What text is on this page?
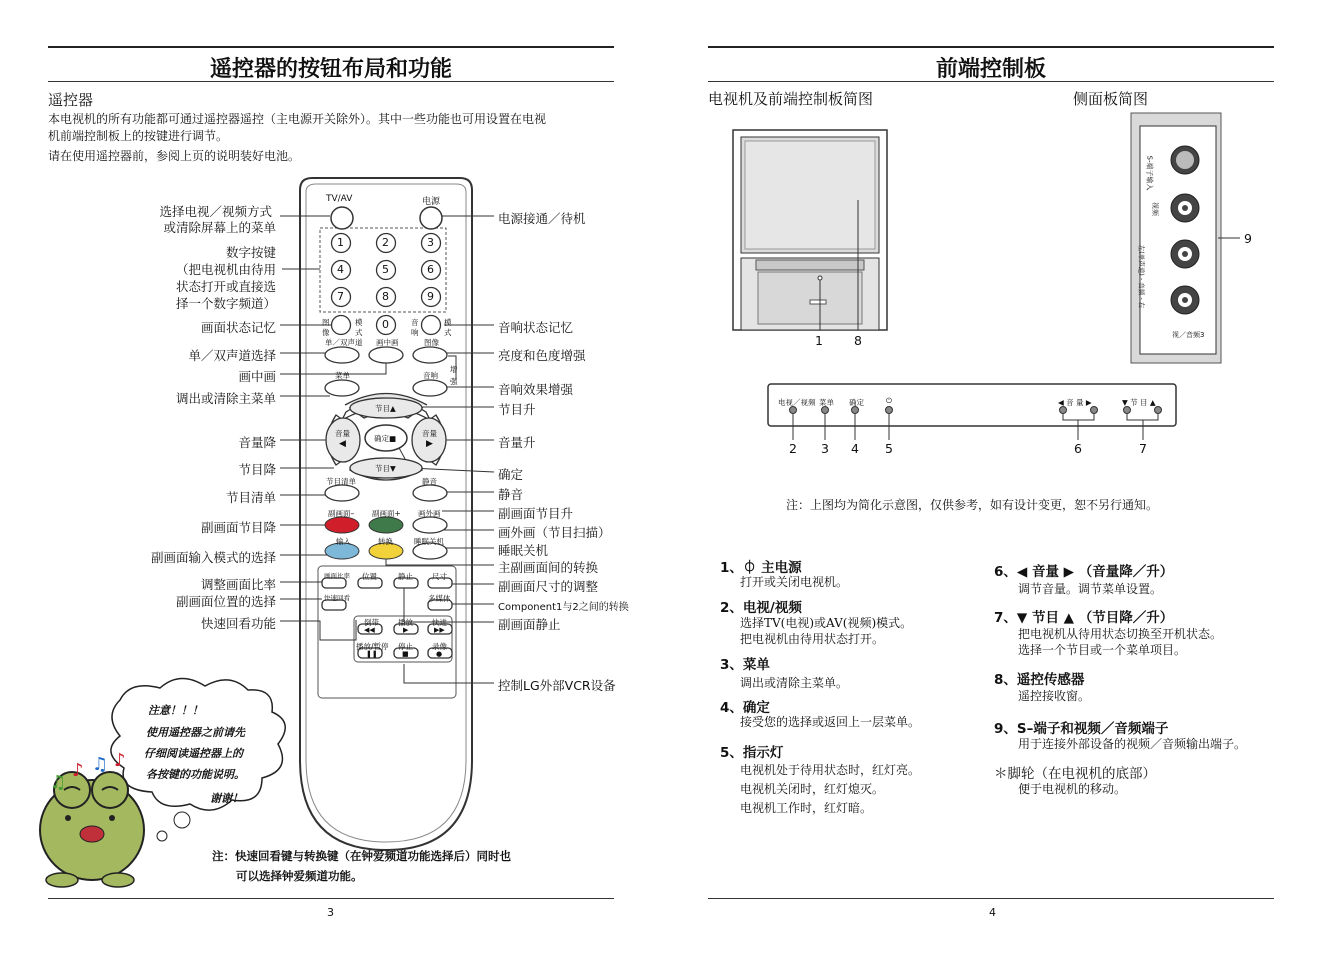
遥控器的按钮布局和功能
遥控器
本电视机的所有功能都可通过遥控器遥控（主电源开关除外）。其中一些功能也可用设置在电视
机前端控制板上的按键进行调节。
请在使用遥控器前，参阅上页的说明装好电池。
♫
♪ ♫ ♪
TV/AV	电源
1	2	3
4	5	6
7	8	9
0
图
像
模
式
音
响
模
式
单／双声道 画中画	图像
菜单	音响
增
强
节目▲
节目▼
确定■
音量
◀
音量
▶
节目清单	静音
副画面– 副画面+ 画外画
输入	转换	睡眠关机
画面比率 位置	静止	尺寸
快速回看	多媒体
倒带	播放	快进
◀◀	▶	▶▶
播放/暂停 停止	录像
❚❚	■	●
选择电视／视频方式
或清除屏幕上的菜单
数字按键
（把电视机由待用
状态打开或直接选
择一个数字频道）
画面状态记忆
单／双声道选择
画中画
调出或清除主菜单
音量降
节目降
节目清单
副画面节目降
副画面输入模式的选择
调整画面比率
副画面位置的选择
快速回看功能
电源接通／待机
音响状态记忆
亮度和色度增强
音响效果增强
节目升
音量升
确定
静音
副画面节目升
画外画（节目扫描）
睡眠关机
主副画面间的转换
副画面尺寸的调整
Component1与2之间的转换
副画面静止
控制LG外部VCR设备
注意！！！
使用遥控器之前请先
仔细阅读遥控器上的
各按键的功能说明。
谢谢！
注：快速回看键与转换键（在钟爱频道功能选择后）同时也
可以选择钟爱频道功能。
3
前端控制板
电视机及前端控制板简图	侧面板简图
1 8
9
2 3 4 5	6	7
S-端子输入
视频
左(单声道) - 音频 - 右
视／音频3
电视／视频 菜单 确定	⏻	◀ 音 量 ▶	▼ 节 目 ▲
注：上图均为简化示意图，仅供参考，如有设计变更，恕不另行通知。
1、⏀ 主电源
打开或关闭电视机。
2、电视/视频
选择TV(电视)或AV(视频)模式。
把电视机由待用状态打开。
3、菜单
调出或清除主菜单。
4、确定
接受您的选择或返回上一层菜单。
5、指示灯
电视机处于待用状态时，红灯亮。
电视机关闭时，红灯熄灭。
电视机工作时，红灯暗。
6、◀ 音量 ▶ （音量降／升）
调节音量。调节菜单设置。
7、▼ 节目 ▲ （节目降／升）
把电视机从待用状态切换至开机状态。
选择一个节目或一个菜单项目。
8、遥控传感器
遥控接收窗。
9、S–端子和视频／音频端子
用于连接外部设备的视频／音频输出端子。
＊脚轮（在电视机的底部）
便于电视机的移动。
4
